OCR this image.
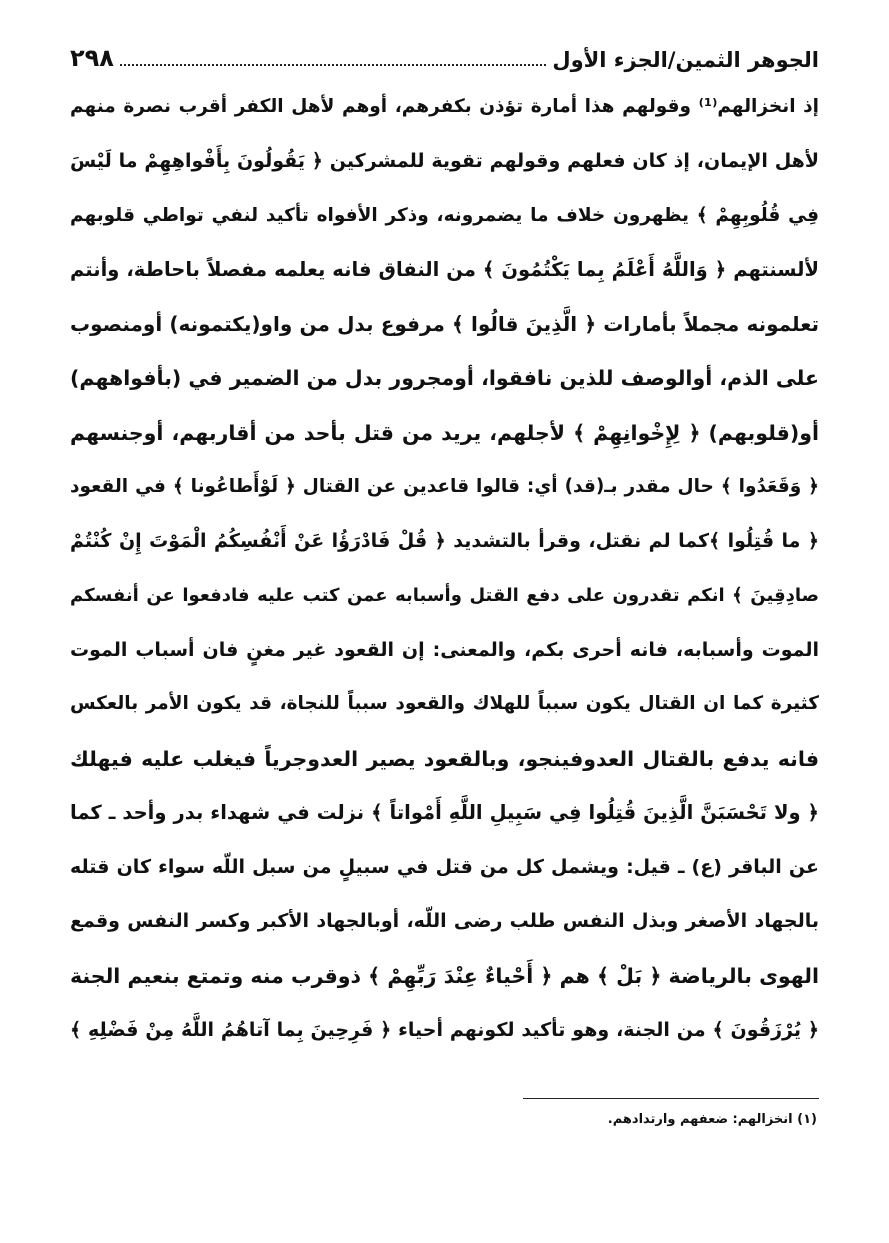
الجوهر الثمين/الجزء الأول
٢٩٨
إذ انخزالهم⁽¹⁾ وقولهم هذا أمارة تؤذن بكفرهم، أوهم لأهل الكفر أقرب نصرة منهم
لأهل الإيمان، إذ كان فعلهم وقولهم تقوية للمشركين ﴿ يَقُولُونَ بِأَفْواهِهِمْ ما لَيْسَ
فِي قُلُوبِهِمْ ﴾ يظهرون خلاف ما يضمرونه، وذكر الأفواه تأكيد لنفي تواطي قلوبهم
لألسنتهم ﴿ وَاللَّهُ أَعْلَمُ بِما يَكْتُمُونَ ﴾ من النفاق فانه يعلمه مفصلاً باحاطة، وأنتم
تعلمونه مجملاً بأمارات ﴿ الَّذِينَ قالُوا ﴾ مرفوع بدل من واو(يكتمونه) أومنصوب
على الذم، أوالوصف للذين نافقوا، أومجرور بدل من الضمير في (بأفواههم)
أو(قلوبهم) ﴿ لِإِخْوانِهِمْ ﴾ لأجلهم، يريد من قتل بأحد من أقاربهم، أوجنسهم
﴿ وَقَعَدُوا ﴾ حال مقدر بـ(قد) أي: قالوا قاعدين عن القتال ﴿ لَوْأَطاعُونا ﴾ في القعود
﴿ ما قُتِلُوا ﴾كما لم نقتل، وقرأ بالتشديد ﴿ قُلْ فَادْرَؤُا عَنْ أَنْفُسِكُمُ الْمَوْتَ إِنْ كُنْتُمْ
صادِقِينَ ﴾ انكم تقدرون على دفع القتل وأسبابه عمن كتب عليه فادفعوا عن أنفسكم
الموت وأسبابه، فانه أحرى بكم، والمعنى: إن القعود غير مغنٍ فان أسباب الموت
كثيرة كما ان القتال يكون سبباً للهلاك والقعود سبباً للنجاة، قد يكون الأمر بالعكس
فانه يدفع بالقتال العدوفينجو، وبالقعود يصير العدوجرياً فيغلب عليه فيهلك
﴿ ولا تَحْسَبَنَّ الَّذِينَ قُتِلُوا فِي سَبِيلِ اللَّهِ أَمْواتاً ﴾ نزلت في شهداء بدر وأحد ـ كما
عن الباقر (ع) ـ قيل: ويشمل كل من قتل في سبيلٍ من سبل اللّه سواء كان قتله
بالجهاد الأصغر وبذل النفس طلب رضى اللّه، أوبالجهاد الأكبر وكسر النفس وقمع
الهوى بالرياضة ﴿ بَلْ ﴾ هم ﴿ أَحْياءٌ عِنْدَ رَبِّهِمْ ﴾ ذوقرب منه وتمتع بنعيم الجنة
﴿ يُرْزَقُونَ ﴾ من الجنة، وهو تأكيد لكونهم أحياء ﴿ فَرِحِينَ بِما آتاهُمُ اللَّهُ مِنْ فَضْلِهِ ﴾
(١) انخزالهم: ضعفهم وارتدادهم.
